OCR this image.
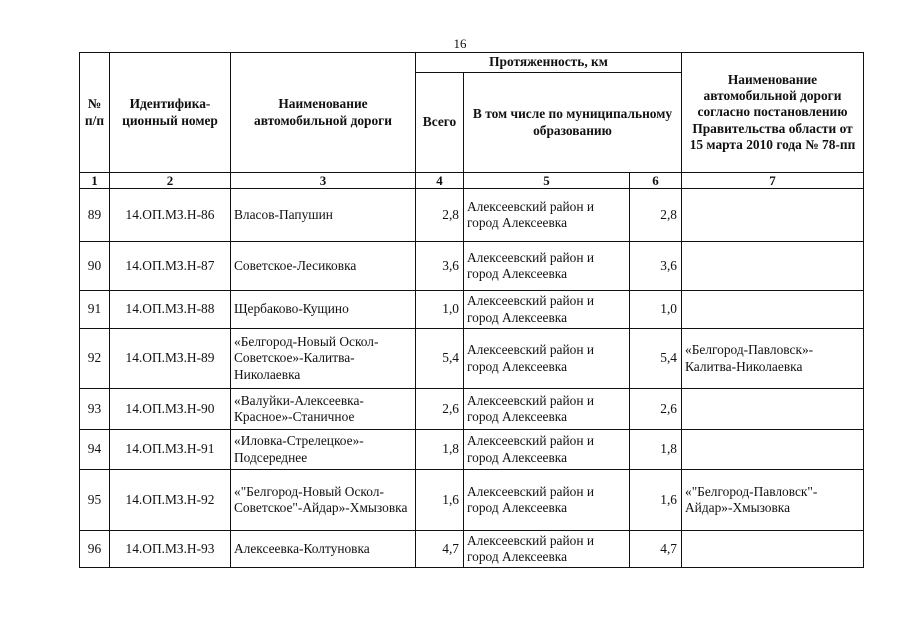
16
№ п/п	Идентифика-ционный номер	Наименование автомобильной дороги	Протяженность, км			Наименование автомобильной дороги согласно постановлению Правительства области от 15 марта 2010 года № 78-пп
			Всего	В том числе по муниципальному образованию		
1	2	3	4	5	6	7
89	14.ОП.МЗ.Н-86	Власов-Папушин	2,8	Алексеевский район и город Алексеевка	2,8	
90	14.ОП.МЗ.Н-87	Советское-Лесиковка	3,6	Алексеевский район и город Алексеевка	3,6	
91	14.ОП.МЗ.Н-88	Щербаково-Кущино	1,0	Алексеевский район и город Алексеевка	1,0	
92	14.ОП.МЗ.Н-89	«Белгород-Новый Оскол-Советское»-Калитва-Николаевка	5,4	Алексеевский район и город Алексеевка	5,4	«Белгород-Павловск»-Калитва-Николаевка
93	14.ОП.МЗ.Н-90	«Валуйки-Алексеевка-Красное»-Станичное	2,6	Алексеевский район и город Алексеевка	2,6	
94	14.ОП.МЗ.Н-91	«Иловка-Стрелецкое»-Подсереднее	1,8	Алексеевский район и город Алексеевка	1,8	
95	14.ОП.МЗ.Н-92	«"Белгород-Новый Оскол-Советское"-Айдар»-Хмызовка	1,6	Алексеевский район и город Алексеевка	1,6	«"Белгород-Павловск"-Айдар»-Хмызовка
96	14.ОП.МЗ.Н-93	Алексеевка-Колтуновка	4,7	Алексеевский район и город Алексеевка	4,7	
